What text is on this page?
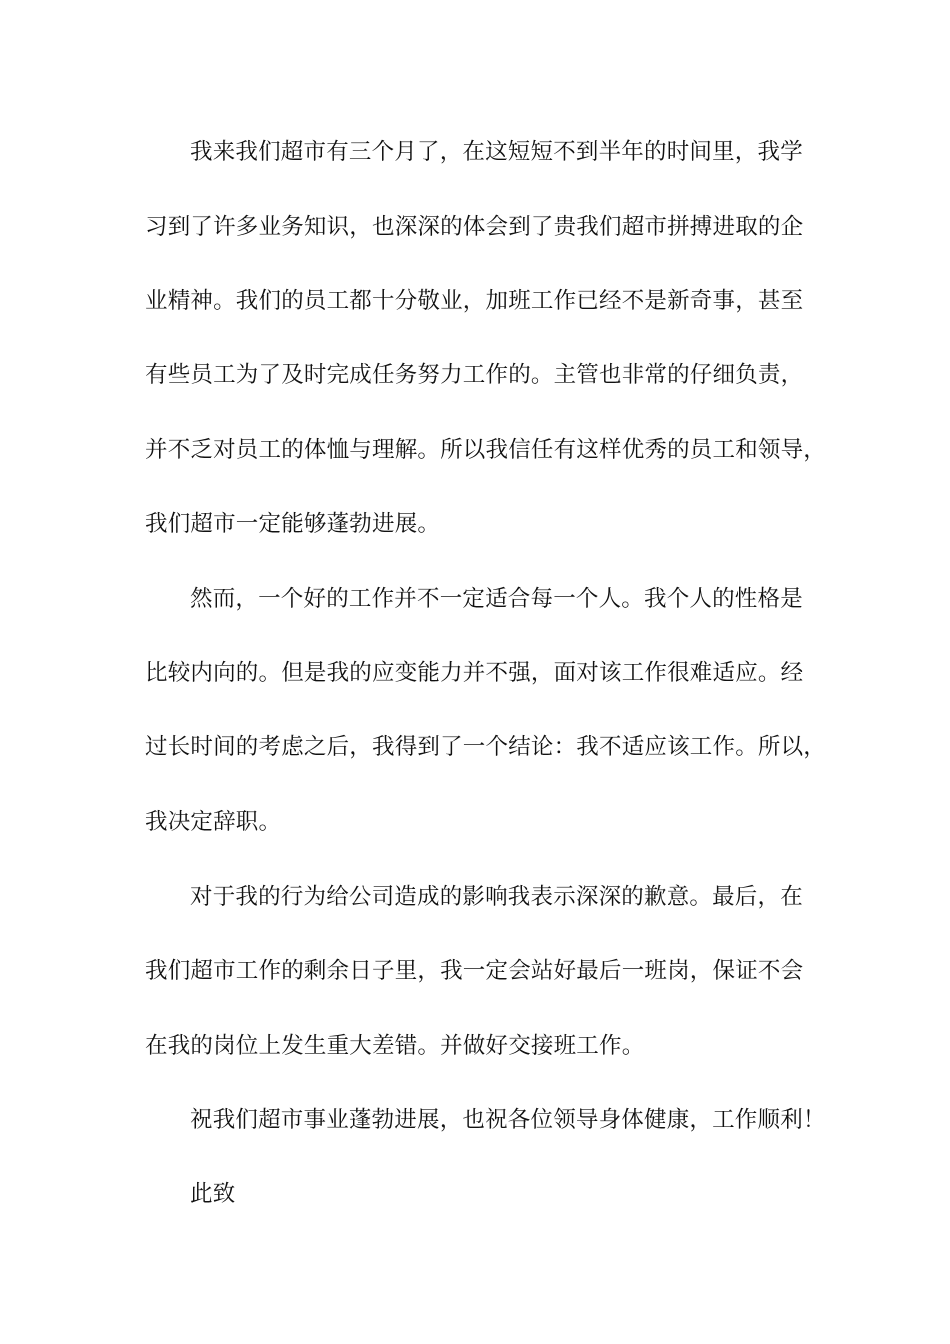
我来我们超市有三个月了，在这短短不到半年的时间里，我学
习到了许多业务知识，也深深的体会到了贵我们超市拼搏进取的企
业精神。我们的员工都十分敬业，加班工作已经不是新奇事，甚至
有些员工为了及时完成任务努力工作的。主管也非常的仔细负责，
并不乏对员工的体恤与理解。所以我信任有这样优秀的员工和领导，
我们超市一定能够蓬勃进展。
然而，一个好的工作并不一定适合每一个人。我个人的性格是
比较内向的。但是我的应变能力并不强，面对该工作很难适应。经
过长时间的考虑之后，我得到了一个结论：我不适应该工作。所以，
我决定辞职。
对于我的行为给公司造成的影响我表示深深的歉意。最后，在
我们超市工作的剩余日子里，我一定会站好最后一班岗，保证不会
在我的岗位上发生重大差错。并做好交接班工作。
祝我们超市事业蓬勃进展，也祝各位领导身体健康，工作顺利！
此致
